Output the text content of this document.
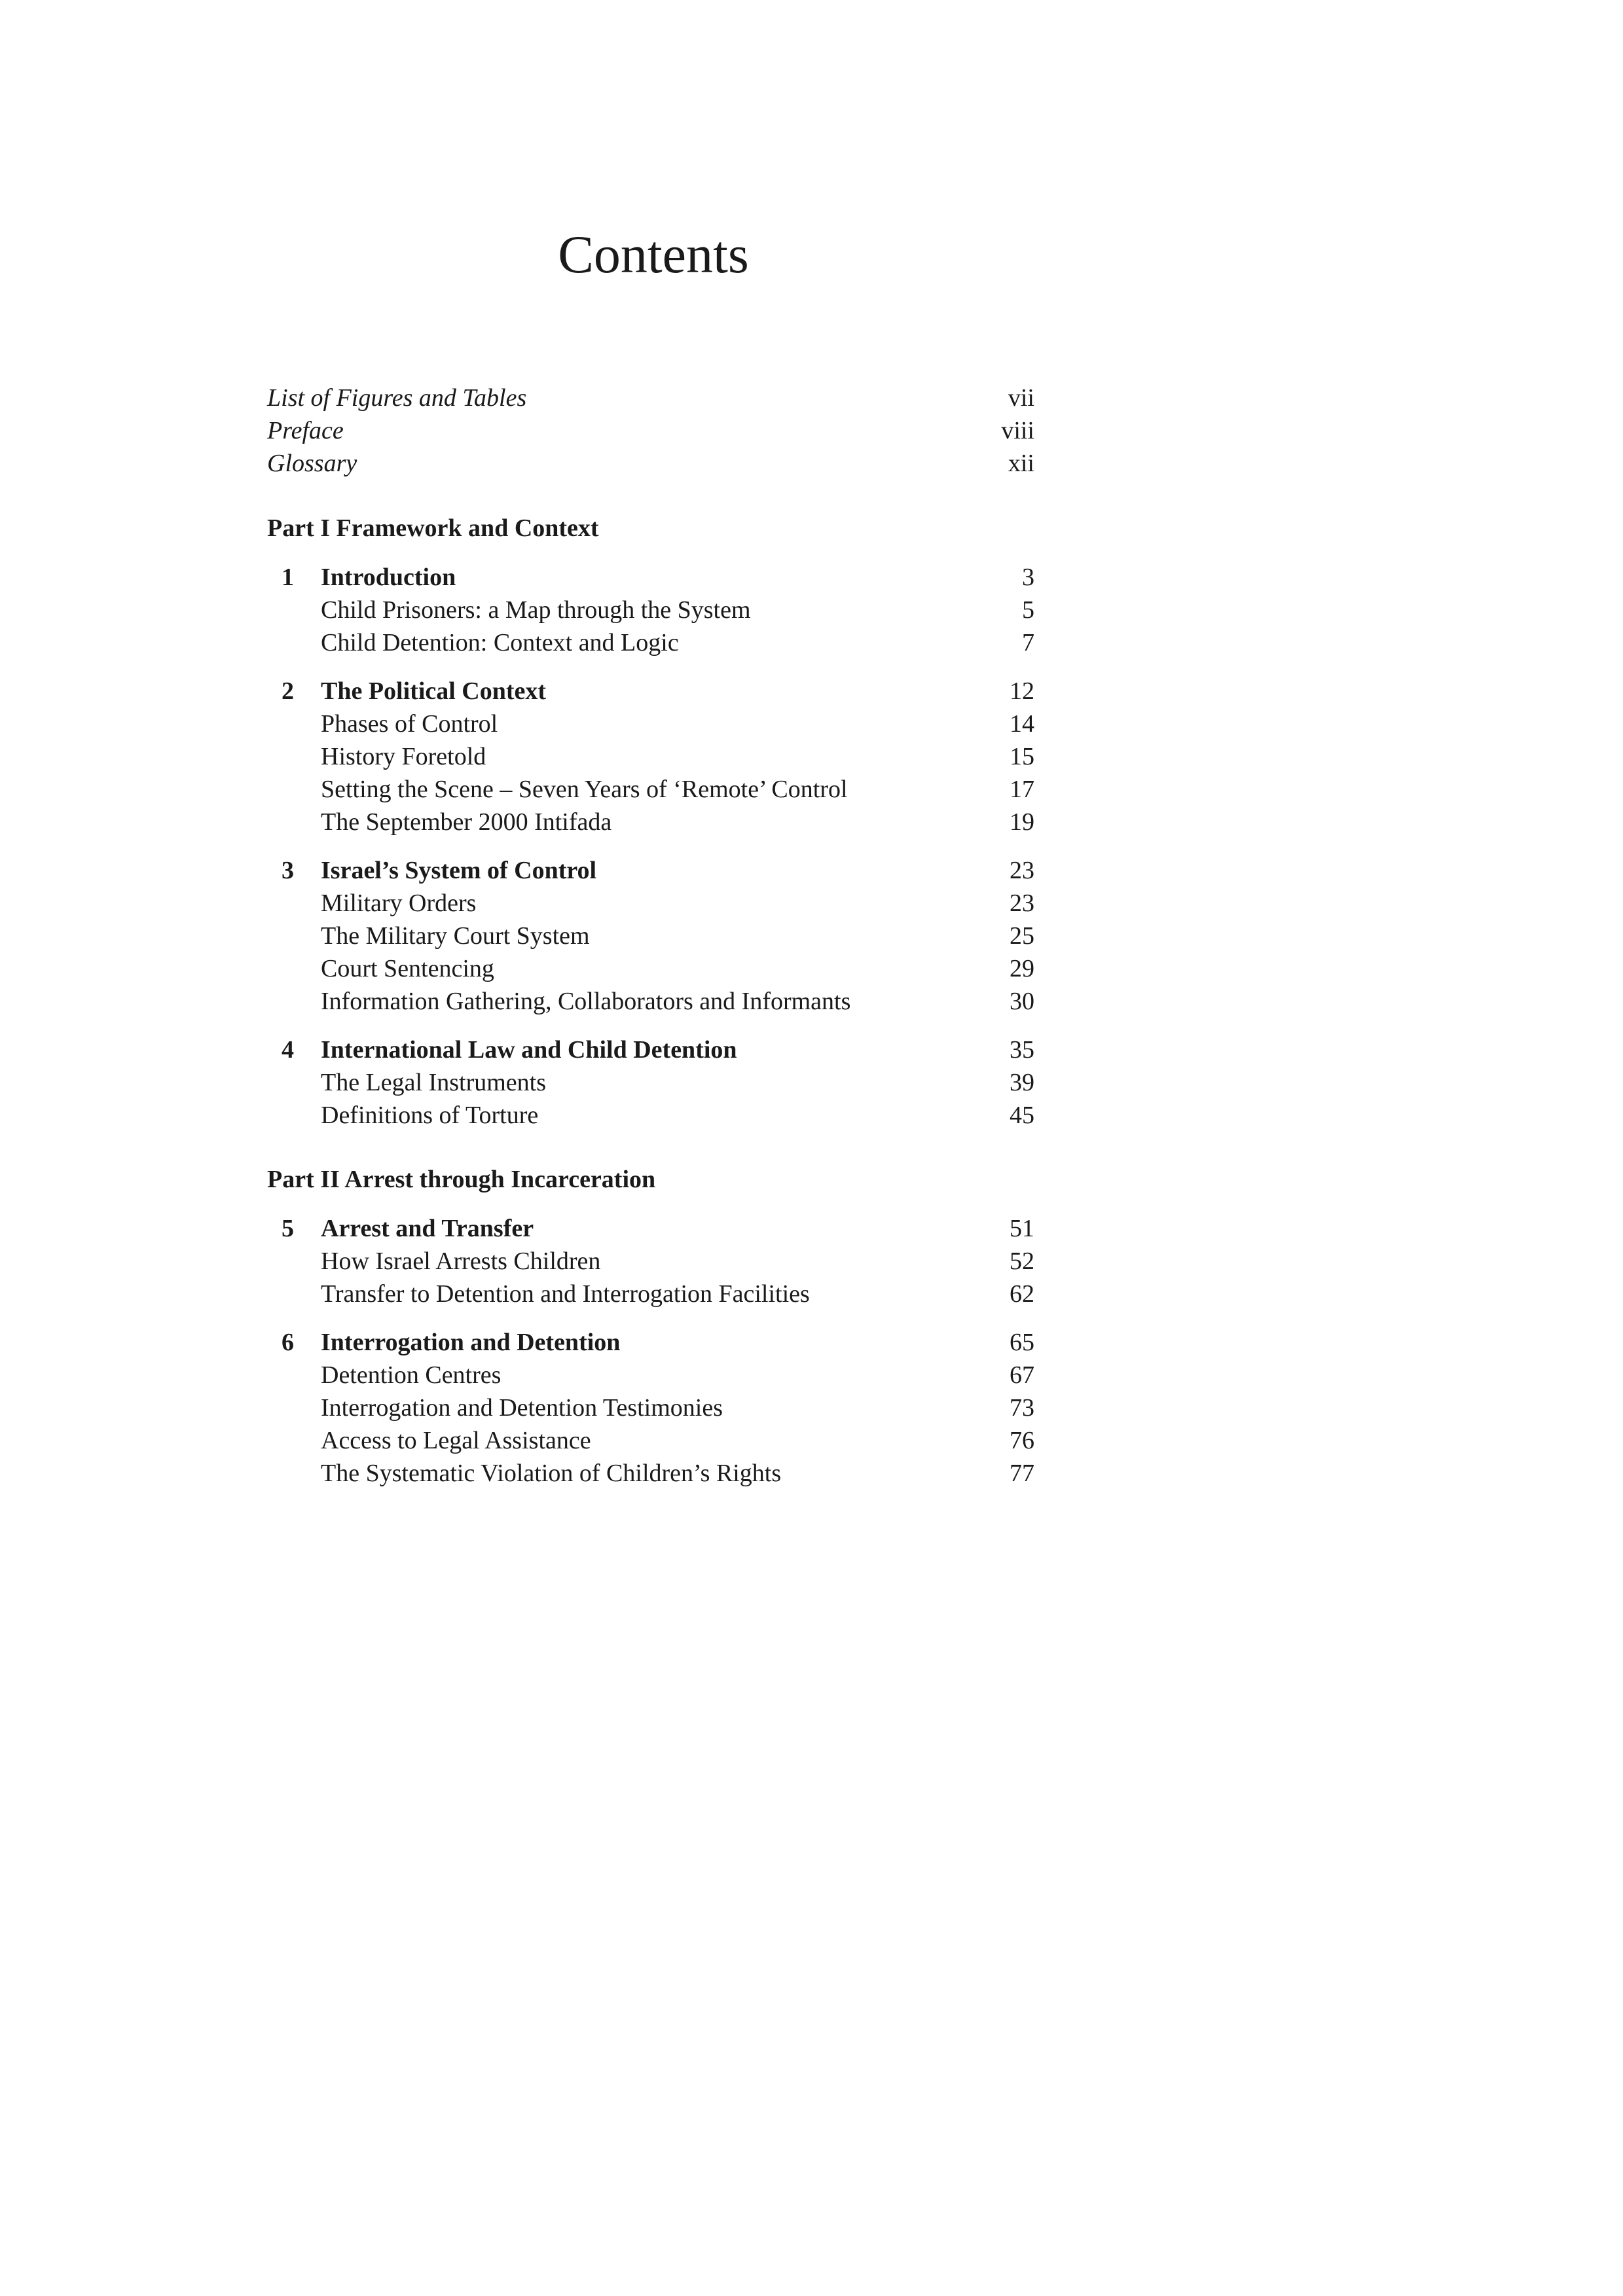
Contents
List of Figures and Tables	vii
Preface	viii
Glossary	xii
Part I Framework and Context
1	Introduction	3
Child Prisoners: a Map through the System	5
Child Detention: Context and Logic	7
2	The Political Context	12
Phases of Control	14
History Foretold	15
Setting the Scene – Seven Years of ‘Remote’ Control	17
The September 2000 Intifada	19
3	Israel’s System of Control	23
Military Orders	23
The Military Court System	25
Court Sentencing	29
Information Gathering, Collaborators and Informants	30
4	International Law and Child Detention	35
The Legal Instruments	39
Definitions of Torture	45
Part II Arrest through Incarceration
5	Arrest and Transfer	51
How Israel Arrests Children	52
Transfer to Detention and Interrogation Facilities	62
6	Interrogation and Detention	65
Detention Centres	67
Interrogation and Detention Testimonies	73
Access to Legal Assistance	76
The Systematic Violation of Children’s Rights	77
